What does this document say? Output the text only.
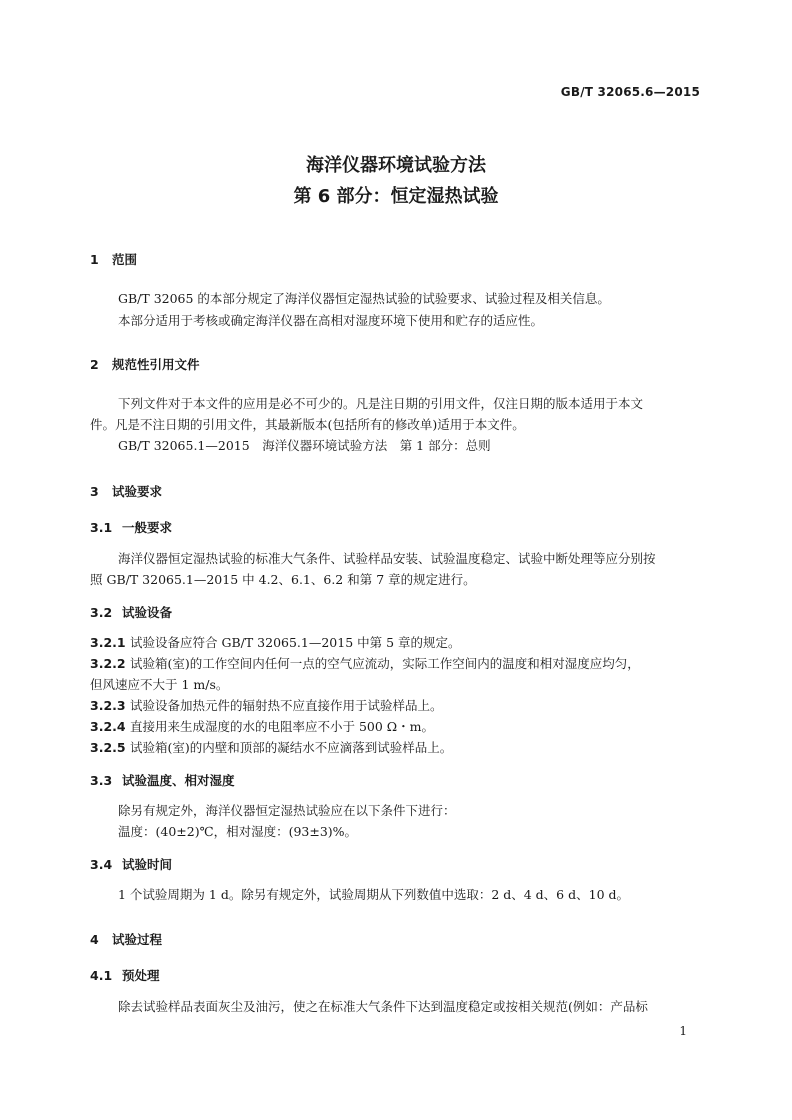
GB/T 32065.6—2015
海洋仪器环境试验方法
第 6 部分：恒定湿热试验
1 范围
GB/T 32065 的本部分规定了海洋仪器恒定湿热试验的试验要求、试验过程及相关信息。
本部分适用于考核或确定海洋仪器在高相对湿度环境下使用和贮存的适应性。
2 规范性引用文件
下列文件对于本文件的应用是必不可少的。凡是注日期的引用文件，仅注日期的版本适用于本文
件。凡是不注日期的引用文件，其最新版本(包括所有的修改单)适用于本文件。
GB/T 32065.1—2015　海洋仪器环境试验方法　第 1 部分：总则
3 试验要求
3.1 一般要求
海洋仪器恒定湿热试验的标准大气条件、试验样品安装、试验温度稳定、试验中断处理等应分别按
照 GB/T 32065.1—2015 中 4.2、6.1、6.2 和第 7 章的规定进行。
3.2 试验设备
3.2.1 试验设备应符合 GB/T 32065.1—2015 中第 5 章的规定。
3.2.2 试验箱(室)的工作空间内任何一点的空气应流动，实际工作空间内的温度和相对湿度应均匀，
但风速应不大于 1 m/s。
3.2.3 试验设备加热元件的辐射热不应直接作用于试验样品上。
3.2.4 直接用来生成湿度的水的电阻率应不小于 500 Ω・m。
3.2.5 试验箱(室)的内壁和顶部的凝结水不应滴落到试验样品上。
3.3 试验温度、相对湿度
除另有规定外，海洋仪器恒定湿热试验应在以下条件下进行：
温度：(40±2)℃，相对湿度：(93±3)%。
3.4 试验时间
1 个试验周期为 1 d。除另有规定外，试验周期从下列数值中选取：2 d、4 d、6 d、10 d。
4 试验过程
4.1 预处理
除去试验样品表面灰尘及油污，使之在标准大气条件下达到温度稳定或按相关规范(例如：产品标
1
